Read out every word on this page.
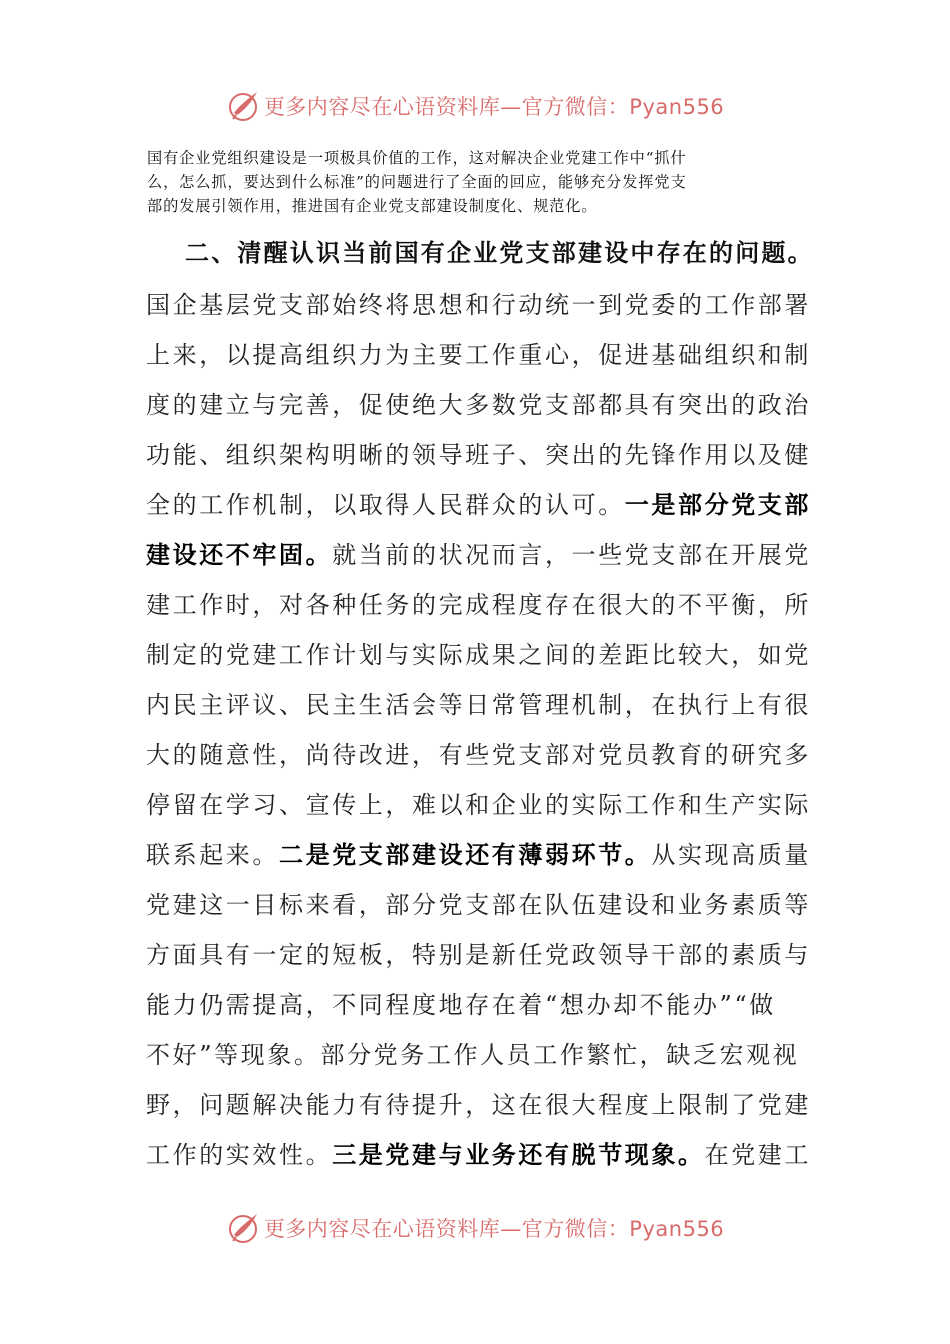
更多内容尽在心语资料库—官方微信：Pyan556
国有企业党组织建设是一项极具价值的工作，这对解决企业党建工作中“抓什
么，怎么抓，要达到什么标准”的问题进行了全面的回应，能够充分发挥党支
部的发展引领作用，推进国有企业党支部建设制度化、规范化。
二、清醒认识当前国有企业党支部建设中存在的问题。
国企基层党支部始终将思想和行动统一到党委的工作部署
上来，以提高组织力为主要工作重心，促进基础组织和制
度的建立与完善，促使绝大多数党支部都具有突出的政治
功能、组织架构明晰的领导班子、突出的先锋作用以及健
全的工作机制，以取得人民群众的认可。一是部分党支部
建设还不牢固。就当前的状况而言，一些党支部在开展党
建工作时，对各种任务的完成程度存在很大的不平衡，所
制定的党建工作计划与实际成果之间的差距比较大，如党
内民主评议、民主生活会等日常管理机制，在执行上有很
大的随意性，尚待改进，有些党支部对党员教育的研究多
停留在学习、宣传上，难以和企业的实际工作和生产实际
联系起来。二是党支部建设还有薄弱环节。从实现高质量
党建这一目标来看，部分党支部在队伍建设和业务素质等
方面具有一定的短板，特别是新任党政领导干部的素质与
能力仍需提高，不同程度地存在着“想办却不能办”“做
不好”等现象。部分党务工作人员工作繁忙，缺乏宏观视
野，问题解决能力有待提升，这在很大程度上限制了党建
工作的实效性。三是党建与业务还有脱节现象。在党建工
更多内容尽在心语资料库—官方微信：Pyan556
